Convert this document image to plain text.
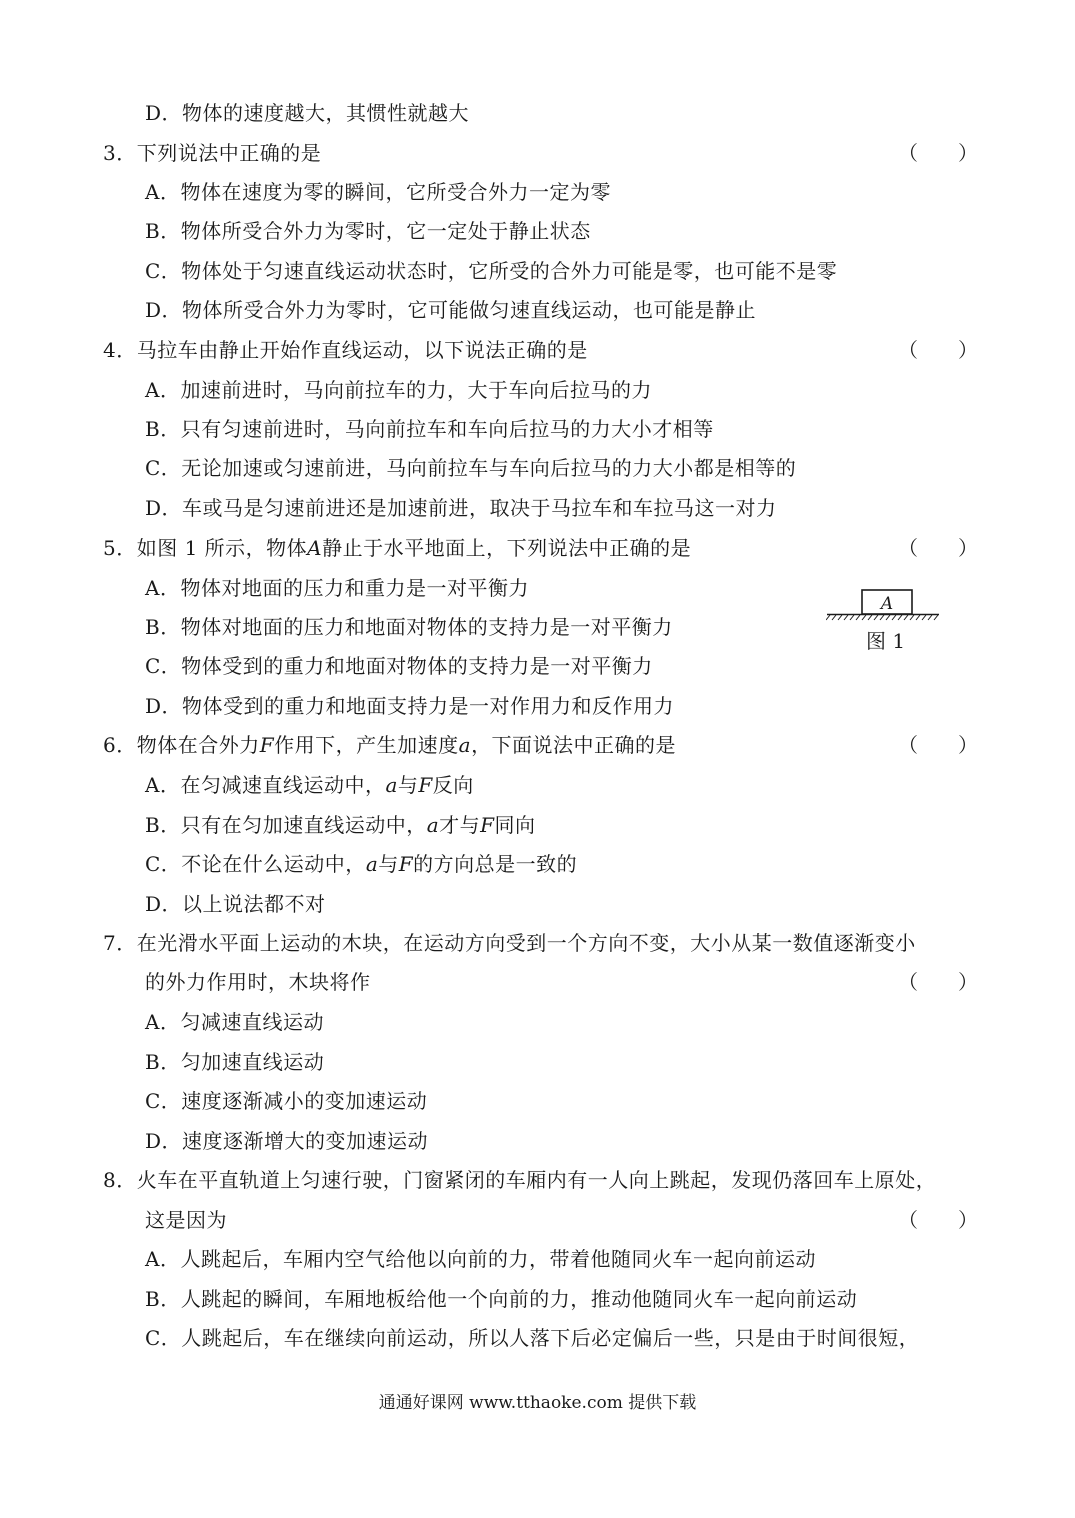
D．物体的速度越大，其惯性就越大
3．下列说法中正确的是	（　　）
A．物体在速度为零的瞬间，它所受合外力一定为零
B．物体所受合外力为零时，它一定处于静止状态
C．物体处于匀速直线运动状态时，它所受的合外力可能是零，也可能不是零
D．物体所受合外力为零时，它可能做匀速直线运动，也可能是静止
4．马拉车由静止开始作直线运动，以下说法正确的是	（　　）
A．加速前进时，马向前拉车的力，大于车向后拉马的力
B．只有匀速前进时，马向前拉车和车向后拉马的力大小才相等
C．无论加速或匀速前进，马向前拉车与车向后拉马的力大小都是相等的
D．车或马是匀速前进还是加速前进，取决于马拉车和车拉马这一对力
5．如图 1 所示，物体A静止于水平地面上，下列说法中正确的是	（　　）
A．物体对地面的压力和重力是一对平衡力
B．物体对地面的压力和地面对物体的支持力是一对平衡力
C．物体受到的重力和地面对物体的支持力是一对平衡力
D．物体受到的重力和地面支持力是一对作用力和反作用力
A
图 1
6．物体在合外力F作用下，产生加速度a，下面说法中正确的是	（　　）
A．在匀减速直线运动中，a与F反向
B．只有在匀加速直线运动中，a才与F同向
C．不论在什么运动中，a与F的方向总是一致的
D．以上说法都不对
7．在光滑水平面上运动的木块，在运动方向受到一个方向不变，大小从某一数值逐渐变小
的外力作用时，木块将作	（　　）
A．匀减速直线运动
B．匀加速直线运动
C．速度逐渐减小的变加速运动
D．速度逐渐增大的变加速运动
8．火车在平直轨道上匀速行驶，门窗紧闭的车厢内有一人向上跳起，发现仍落回车上原处，
这是因为	（　　）
A．人跳起后，车厢内空气给他以向前的力，带着他随同火车一起向前运动
B．人跳起的瞬间，车厢地板给他一个向前的力，推动他随同火车一起向前运动
C．人跳起后，车在继续向前运动，所以人落下后必定偏后一些，只是由于时间很短，
通通好课网 www.tthaoke.com 提供下载
